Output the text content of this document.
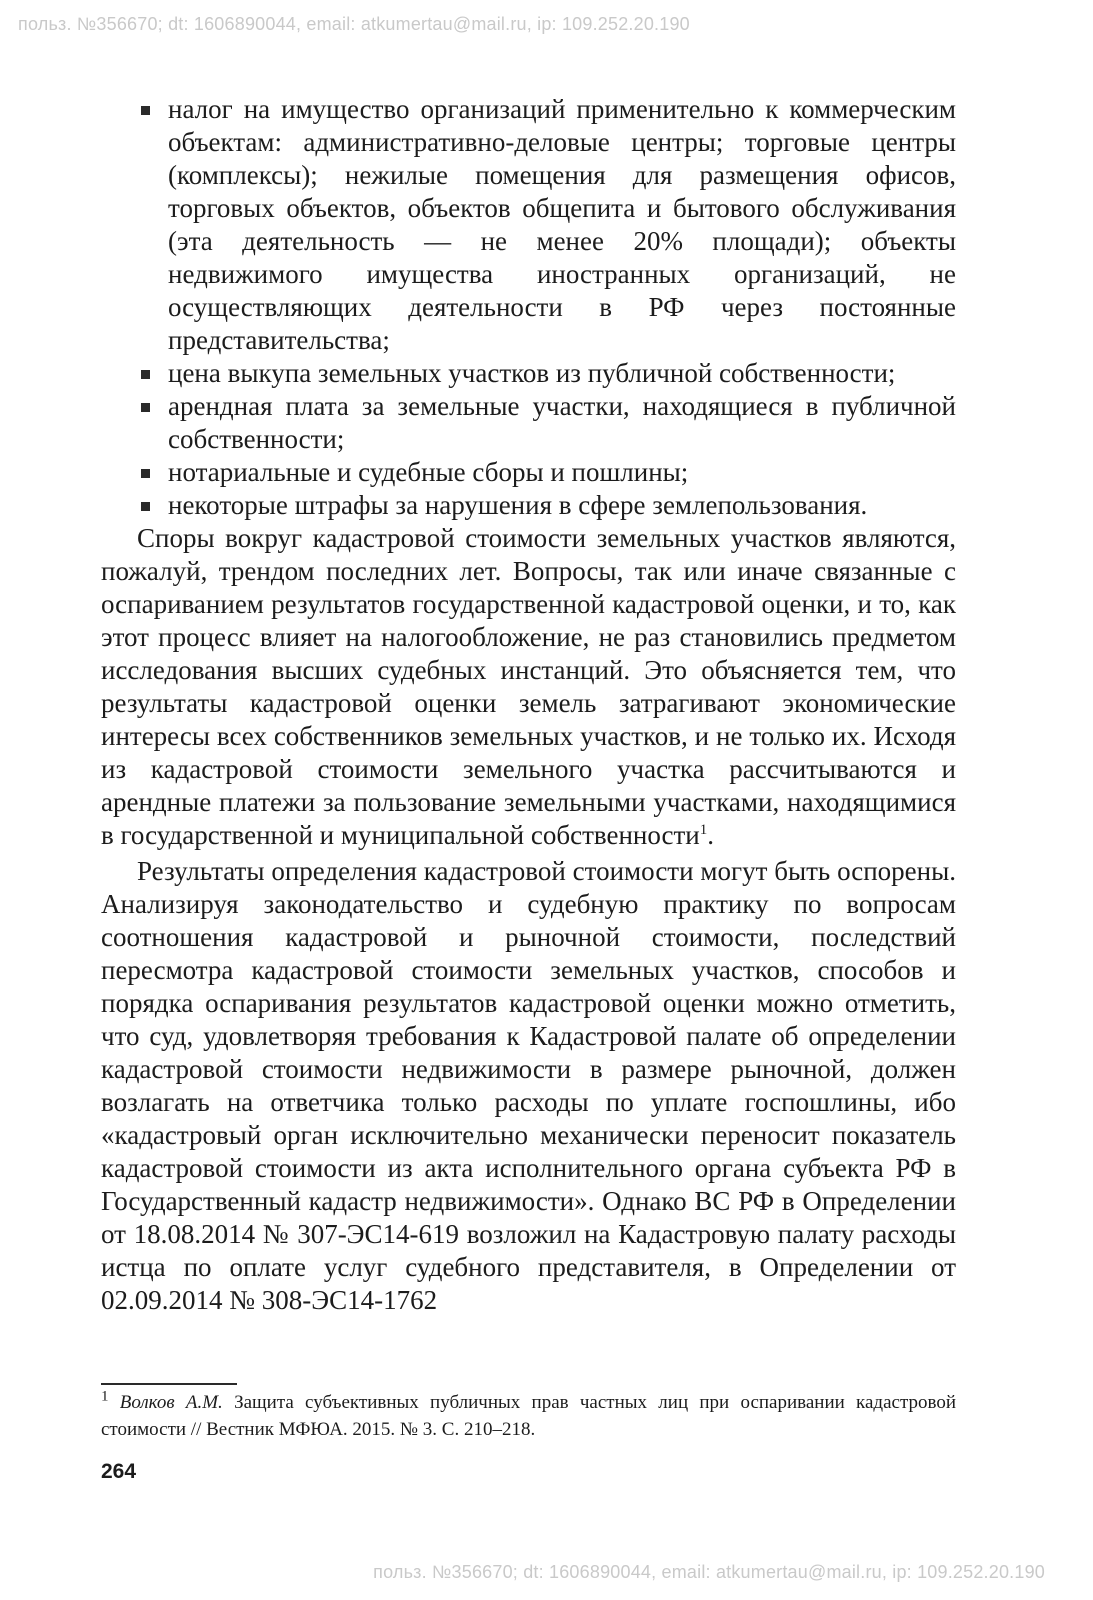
польз. №356670; dt: 1606890044, email: atkumertau@mail.ru, ip: 109.252.20.190
налог на имущество организаций применительно к коммерческим объектам: административно-деловые центры; торговые центры (комплексы); нежилые помещения для размещения офисов, торговых объектов, объектов общепита и бытового обслуживания (эта деятельность — не менее 20% площади); объекты недвижимого имущества иностранных организаций, не осуществляющих деятельности в РФ через постоянные представительства;
цена выкупа земельных участков из публичной собственности;
арендная плата за земельные участки, находящиеся в публичной собственности;
нотариальные и судебные сборы и пошлины;
некоторые штрафы за нарушения в сфере землепользования.

Споры вокруг кадастровой стоимости земельных участков являются, пожалуй, трендом последних лет. Вопросы, так или иначе связанные с оспариванием результатов государственной кадастровой оценки, и то, как этот процесс влияет на налогообложение, не раз становились предметом исследования высших судебных инстанций. Это объясняется тем, что результаты кадастровой оценки земель затрагивают экономические интересы всех собственников земельных участков, и не только их. Исходя из кадастровой стоимости земельного участка рассчитываются и арендные платежи за пользование земельными участками, находящимися в государственной и муниципальной собственности$^1$.

Результаты определения кадастровой стоимости могут быть оспорены. Анализируя законодательство и судебную практику по вопросам соотношения кадастровой и рыночной стоимости, последствий пересмотра кадастровой стоимости земельных участков, способов и порядка оспаривания результатов кадастровой оценки можно отметить, что суд, удовлетворяя требования к Кадастровой палате об определении кадастровой стоимости недвижимости в размере рыночной, должен возлагать на ответчика только расходы по уплате госпошлины, ибо «кадастровый орган исключительно механически переносит показатель кадастровой стоимости из акта исполнительного органа субъекта РФ в Государственный кадастр недвижимости». Однако ВС РФ в Определении от 18.08.2014 № 307-ЭС14-619 возложил на Кадастровую палату расходы истца по оплате услуг судебного представителя, в Определении от 02.09.2014 № 308-ЭС14-1762

$^1$ Волков А.М. Защита субъективных публичных прав частных лиц при оспаривании кадастровой стоимости // Вестник МФЮА. 2015. № 3. С. 210–218.
264
польз. №356670; dt: 1606890044, email: atkumertau@mail.ru, ip: 109.252.20.190
